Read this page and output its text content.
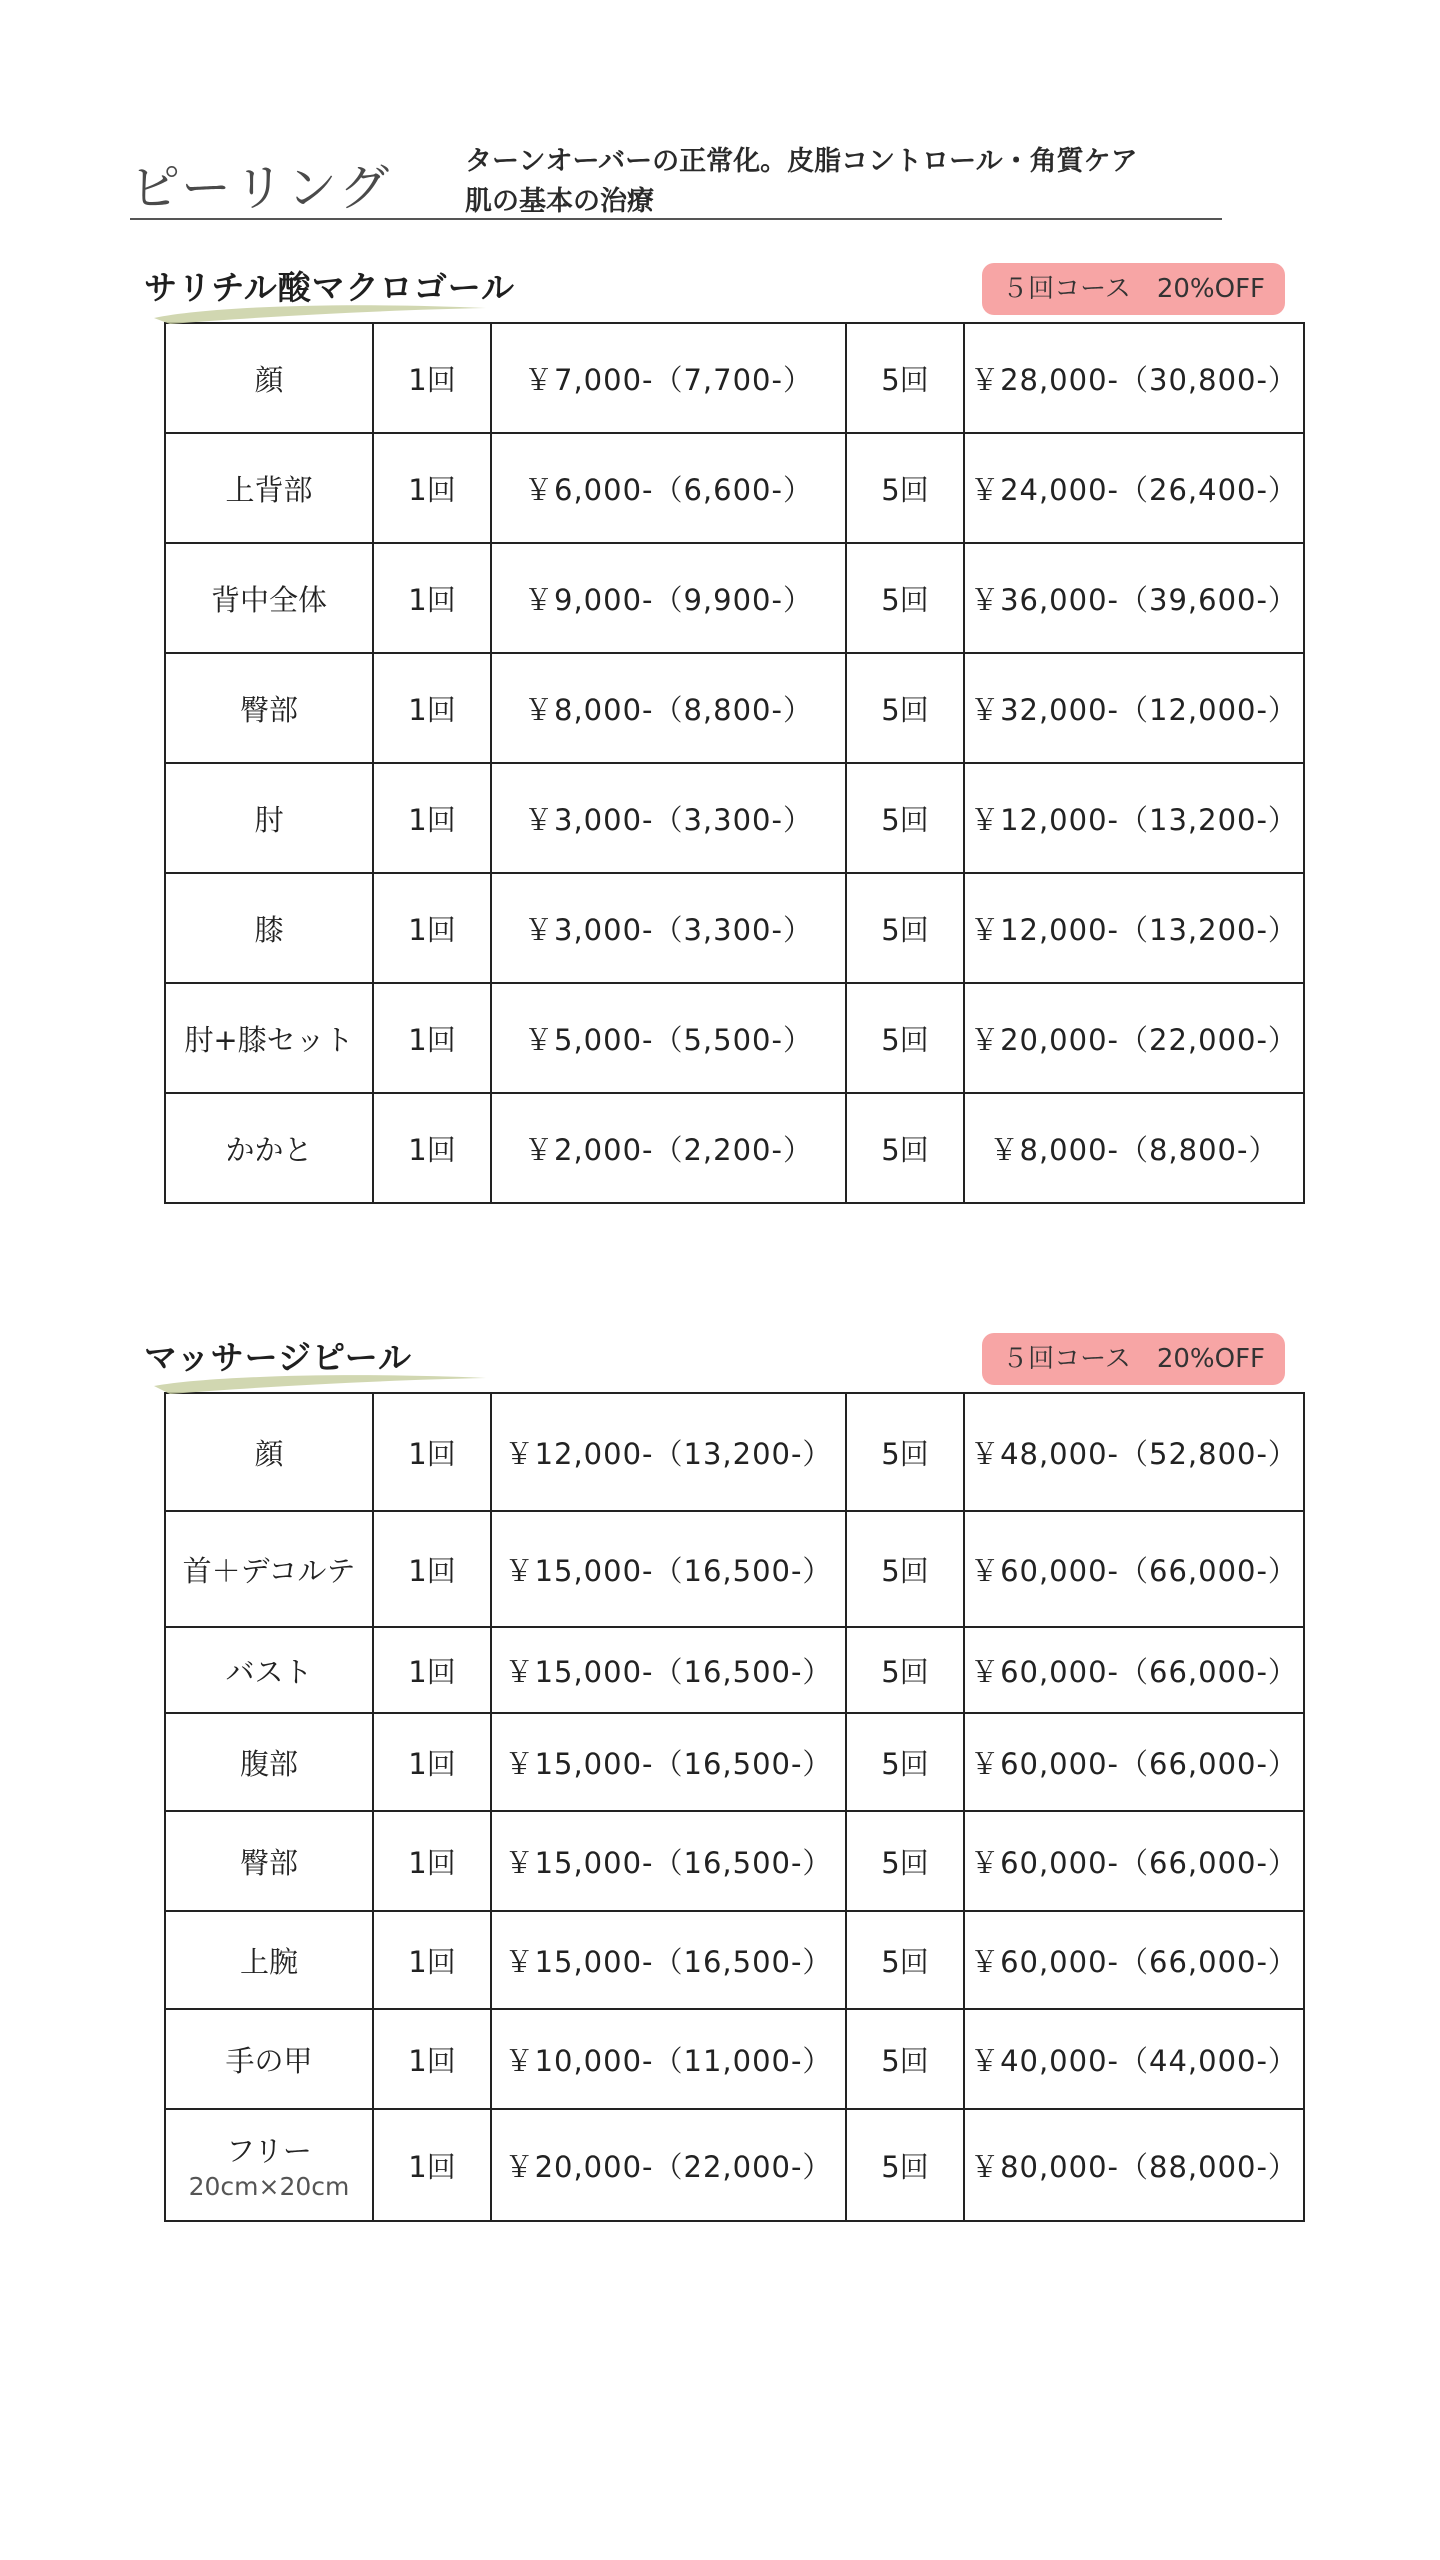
ピーリング	ターンオーバーの正常化。皮脂コントロール・角質ケア
肌の基本の治療
サリチル酸マクロゴール	５回コース 20%OFF
顔	1回	￥7,000-（7,700-）	5回	￥28,000-（30,800-）
上背部	1回	￥6,000-（6,600-）	5回	￥24,000-（26,400-）
背中全体	1回	￥9,000-（9,900-）	5回	￥36,000-（39,600-）
臀部	1回	￥8,000-（8,800-）	5回	￥32,000-（12,000-）
肘	1回	￥3,000-（3,300-）	5回	￥12,000-（13,200-）
膝	1回	￥3,000-（3,300-）	5回	￥12,000-（13,200-）
肘+膝セット	1回	￥5,000-（5,500-）	5回	￥20,000-（22,000-）
かかと	1回	￥2,000-（2,200-）	5回	￥8,000-（8,800-）
マッサージピール	５回コース 20%OFF
顔	1回	￥12,000-（13,200-）	5回	￥48,000-（52,800-）
首＋デコルテ	1回	￥15,000-（16,500-）	5回	￥60,000-（66,000-）
バスト	1回	￥15,000-（16,500-）	5回	￥60,000-（66,000-）
腹部	1回	￥15,000-（16,500-）	5回	￥60,000-（66,000-）
臀部	1回	￥15,000-（16,500-）	5回	￥60,000-（66,000-）
上腕	1回	￥15,000-（16,500-）	5回	￥60,000-（66,000-）
手の甲	1回	￥10,000-（11,000-）	5回	￥40,000-（44,000-）
フリー
20cm×20cm	1回	￥20,000-（22,000-）	5回	￥80,000-（88,000-）
